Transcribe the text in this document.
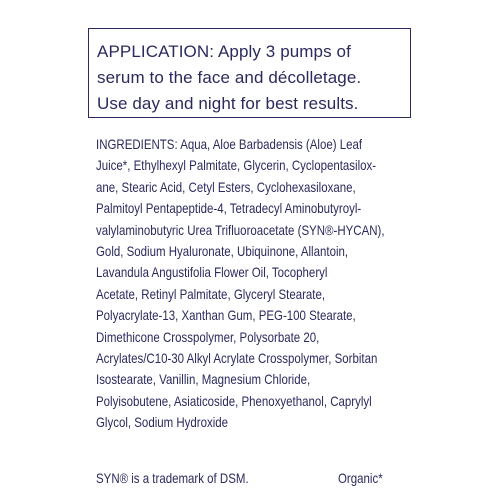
APPLICATION: Apply 3 pumps of
serum to the face and décolletage.
Use day and night for best results.
INGREDIENTS: Aqua, Aloe Barbadensis (Aloe) Leaf
Juice*, Ethylhexyl Palmitate, Glycerin, Cyclopentasilox-
ane, Stearic Acid, Cetyl Esters, Cyclohexasiloxane,
Palmitoyl Pentapeptide-4, Tetradecyl Aminobutyroyl-
valylaminobutyric Urea Trifluoroacetate (SYN®-HYCAN),
Gold, Sodium Hyaluronate, Ubiquinone, Allantoin,
Lavandula Angustifolia Flower Oil, Tocopheryl
Acetate, Retinyl Palmitate, Glyceryl Stearate,
Polyacrylate-13, Xanthan Gum, PEG-100 Stearate,
Dimethicone Crosspolymer, Polysorbate 20,
Acrylates/C10-30 Alkyl Acrylate Crosspolymer, Sorbitan
Isostearate, Vanillin, Magnesium Chloride,
Polyisobutene, Asiaticoside, Phenoxyethanol, Caprylyl
Glycol, Sodium Hydroxide
SYN® is a trademark of DSM.	Organic*
